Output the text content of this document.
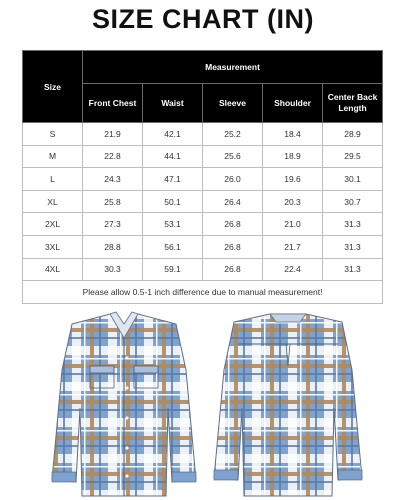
SIZE CHART (IN)
Size	Measurement				
	Front Chest	Waist	Sleeve	Shoulder	Center Back Length
S	21.9	42.1	25.2	18.4	28.9
M	22.8	44.1	25.6	18.9	29.5
L	24.3	47.1	26.0	19.6	30.1
XL	25.8	50.1	26.4	20.3	30.7
2XL	27.3	53.1	26.8	21.0	31.3
3XL	28.8	56.1	26.8	21.7	31.3
4XL	30.3	59.1	26.8	22.4	31.3
Please allow 0.5-1 inch difference due to manual measurement!					
